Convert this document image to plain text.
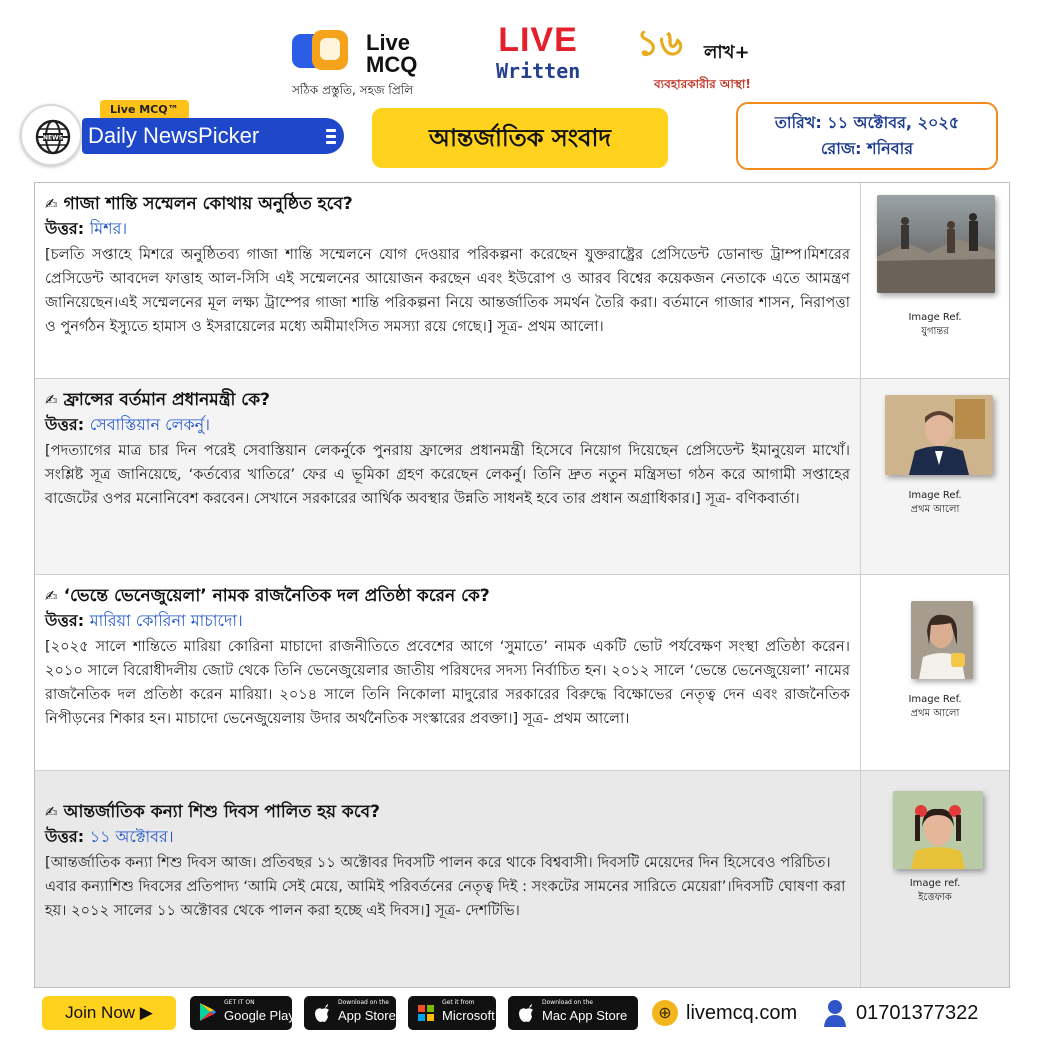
Live
MCQ
সঠিক প্রস্তুতি, সহজ প্রিলি
LIVE
Written
১৬ লাখ+
ব্যবহারকারীর আস্থা!
NEWS
Live MCQ™
Daily NewsPicker	আন্তর্জাতিক সংবাদ
তারিখ: ১১ অক্টোবর, ২০২৫
রোজ: শনিবার
✍ গাজা শান্তি সম্মেলন কোথায় অনুষ্ঠিত হবে?
উত্তর: মিশর।
[চলতি সপ্তাহে মিশরে অনুষ্ঠিতব্য গাজা শান্তি সম্মেলনে যোগ দেওয়ার পরিকল্পনা করেছেন যুক্তরাষ্ট্রের প্রেসিডেন্ট ডোনাল্ড ট্রাম্প।মিশরের প্রেসিডেন্ট আবদেল ফাত্তাহ আল-সিসি এই সম্মেলনের আয়োজন করছেন এবং ইউরোপ ও আরব বিশ্বের কয়েকজন নেতাকে এতে আমন্ত্রণ জানিয়েছেন।এই সম্মেলনের মূল লক্ষ্য ট্রাম্পের গাজা শান্তি পরিকল্পনা নিয়ে আন্তর্জাতিক সমর্থন তৈরি করা। বর্তমানে গাজার শাসন, নিরাপত্তা ও পুনর্গঠন ইস্যুতে হামাস ও ইসরায়েলের মধ্যে অমীমাংসিত সমস্যা রয়ে গেছে।] সূত্র- প্রথম আলো।
Image Ref.
যুগান্তর
✍ ফ্রান্সের বর্তমান প্রধানমন্ত্রী কে?
উত্তর: সেবাস্তিয়ান লেকর্নু।
[পদত্যাগের মাত্র চার দিন পরেই সেবাস্তিয়ান লেকর্নুকে পুনরায় ফ্রান্সের প্রধানমন্ত্রী হিসেবে নিয়োগ দিয়েছেন প্রেসিডেন্ট ইমানুয়েল মাখোঁ। সংশ্লিষ্ট সূত্র জানিয়েছে, ‘কর্তব্যের খাতিরে’ ফের এ ভূমিকা গ্রহণ করেছেন লেকর্নু। তিনি দ্রুত নতুন মন্ত্রিসভা গঠন করে আগামী সপ্তাহের বাজেটের ওপর মনোনিবেশ করবেন। সেখানে সরকারের আর্থিক অবস্থার উন্নতি সাধনই হবে তার প্রধান অগ্রাধিকার।] সূত্র- বণিকবার্তা।	Image Ref.
প্রথম আলো
✍ ‘ভেন্তে ভেনেজুয়েলা’ নামক রাজনৈতিক দল প্রতিষ্ঠা করেন কে?
উত্তর: মারিয়া কোরিনা মাচাদো।
[২০২৫ সালে শান্তিতে মারিয়া কোরিনা মাচাদো রাজনীতিতে প্রবেশের আগে ‘সুমাতে’ নামক একটি ভোট পর্যবেক্ষণ সংস্থা প্রতিষ্ঠা করেন। ২০১০ সালে বিরোধীদলীয় জোট থেকে তিনি ভেনেজুয়েলার জাতীয় পরিষদের সদস্য নির্বাচিত হন। ২০১২ সালে ‘ভেন্তে ভেনেজুয়েলা’ নামের রাজনৈতিক দল প্রতিষ্ঠা করেন মারিয়া। ২০১৪ সালে তিনি নিকোলা মাদুরোর সরকারের বিরুদ্ধে বিক্ষোভের নেতৃত্ব দেন এবং রাজনৈতিক নিপীড়নের শিকার হন। মাচাদো ভেনেজুয়েলায় উদার অর্থনৈতিক সংস্কারের প্রবক্তা।] সূত্র- প্রথম আলো।
Image Ref.
প্রথম আলো
✍ আন্তর্জাতিক কন্যা শিশু দিবস পালিত হয় কবে?
উত্তর: ১১ অক্টোবর।
[আন্তর্জাতিক কন্যা শিশু দিবস আজ। প্রতিবছর ১১ অক্টোবর দিবসটি পালন করে থাকে বিশ্ববাসী। দিবসটি মেয়েদের দিন হিসেবেও পরিচিত। এবার কন্যাশিশু দিবসের প্রতিপাদ্য ‘আমি সেই মেয়ে, আমিই পরিবর্তনের নেতৃত্ব দিই : সংকটের সামনের সারিতে মেয়েরা’।দিবসটি ঘোষণা করা হয়। ২০১২ সালের ১১ অক্টোবর থেকে পালন করা হচ্ছে এই দিবস।] সূত্র- দেশটিভি।
Image ref.
ইত্তেফাক
Join Now ▶
GET IT ON
Google Play
Download on the
App Store
Get it from
Microsoft
Download on the
Mac App Store	⊕ livemcq.com	01701377322
